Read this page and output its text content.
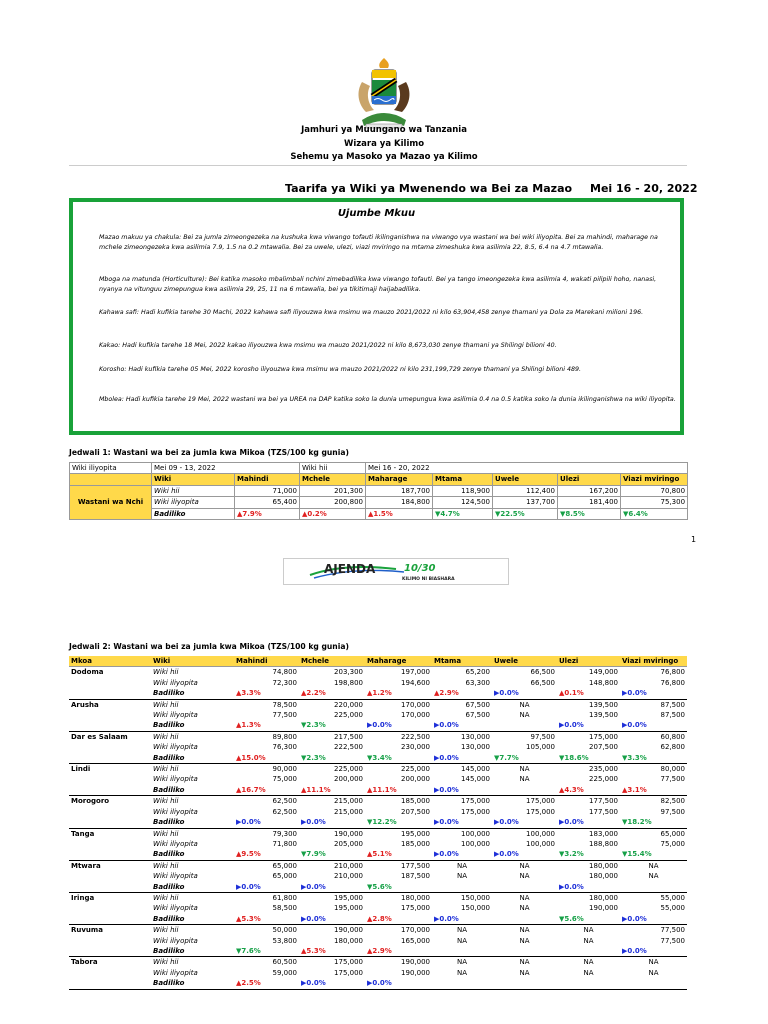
Jamhuri ya Muungano wa Tanzania
Wizara ya Kilimo
Sehemu ya Masoko ya Mazao ya Kilimo
Taarifa ya Wiki ya Mwenendo wa Bei za Mazao Mei 16 - 20, 2022
Ujumbe Mkuu
Mazao makuu ya chakula: Bei za jumla zimeongezeka na kushuka kwa viwango tofauti ikilinganishwa na viwango vya wastani wa bei wiki iliyopita. Bei za mahindi, maharage na mchele zimeongezeka kwa asilimia 7.9, 1.5 na 0.2 mtawalia. Bei za uwele, ulezi, viazi mviringo na mtama zimeshuka kwa asilimia 22, 8.5, 6.4 na 4.7 mtawalia.
Mboga na matunda (Horticulture): Bei katika masoko mbalimbali nchini zimebadilika kwa viwango tofauti. Bei ya tango imeongezeka kwa asilimia 4, wakati pilipili hoho, nanasi, nyanya na vitunguu zimepungua kwa asilimia 29, 25, 11 na 6 mtawalia, bei ya tikitimaji haijabadilika.
Kahawa safi: Hadi kufikia tarehe 30 Machi, 2022 kahawa safi iliyouzwa kwa msimu wa mauzo 2021/2022 ni kilo 63,904,458 zenye thamani ya Dola za Marekani milioni 196.
Kakao: Hadi kufikia tarehe 18 Mei, 2022 kakao iliyouzwa kwa msimu wa mauzo 2021/2022 ni kilo 8,673,030 zenye thamani ya Shilingi bilioni 40.
Korosho: Hadi kufikia tarehe 05 Mei, 2022 korosho iliyouzwa kwa msimu wa mauzo 2021/2022 ni kilo 231,199,729 zenye thamani ya Shilingi bilioni 489.
Mbolea: Hadi kufikia tarehe 19 Mei, 2022 wastani wa bei ya UREA na DAP katika soko la dunia umepungua kwa asilimia 0.4 na 0.5 katika soko la dunia ikilinganishwa na wiki iliyopita.
Jedwali 1: Wastani wa bei za jumla kwa Mikoa (TZS/100 kg gunia)
Wiki iliyopita	Mei 09 - 13, 2022		Wiki hii	Mei 16 - 20, 2022				
	Wiki	Mahindi	Mchele	Maharage	Mtama	Uwele	Ulezi	Viazi mviringo
Wastani wa Nchi	Wiki hii	71,000	201,300	187,700	118,900	112,400	167,200	70,800
	Wiki iliyopita	65,400	200,800	184,800	124,500	137,700	181,400	75,300
	Badiliko	▲7.9%	▲0.2%	▲1.5%	▼4.7%	▼22.5%	▼8.5%	▼6.4%
1
AJENDA	10/30
KILIMO NI BIASHARA
Jedwali 2: Wastani wa bei za jumla kwa Mikoa (TZS/100 kg gunia)
Mkoa	Wiki	Mahindi	Mchele	Maharage	Mtama	Uwele	Ulezi	Viazi mviringo
Dodoma	Wiki hii	74,800	203,300	197,000	65,200	66,500	149,000	76,800
	Wiki iliyopita	72,300	198,800	194,600	63,300	66,500	148,800	76,800
	Badiliko	▲3.3%	▲2.2%	▲1.2%	▲2.9%	▶0.0%	▲0.1%	▶0.0%
Arusha	Wiki hii	78,500	220,000	170,000	67,500	NA	139,500	87,500
	Wiki iliyopita	77,500	225,000	170,000	67,500	NA	139,500	87,500
	Badiliko	▲1.3%	▼2.3%	▶0.0%	▶0.0%		▶0.0%	▶0.0%
Dar es Salaam	Wiki hii	89,800	217,500	222,500	130,000	97,500	175,000	60,800
	Wiki iliyopita	76,300	222,500	230,000	130,000	105,000	207,500	62,800
	Badiliko	▲15.0%	▼2.3%	▼3.4%	▶0.0%	▼7.7%	▼18.6%	▼3.3%
Lindi	Wiki hii	90,000	225,000	225,000	145,000	NA	235,000	80,000
	Wiki iliyopita	75,000	200,000	200,000	145,000	NA	225,000	77,500
	Badiliko	▲16.7%	▲11.1%	▲11.1%	▶0.0%		▲4.3%	▲3.1%
Morogoro	Wiki hii	62,500	215,000	185,000	175,000	175,000	177,500	82,500
	Wiki iliyopita	62,500	215,000	207,500	175,000	175,000	177,500	97,500
	Badiliko	▶0.0%	▶0.0%	▼12.2%	▶0.0%	▶0.0%	▶0.0%	▼18.2%
Tanga	Wiki hii	79,300	190,000	195,000	100,000	100,000	183,000	65,000
	Wiki iliyopita	71,800	205,000	185,000	100,000	100,000	188,800	75,000
	Badiliko	▲9.5%	▼7.9%	▲5.1%	▶0.0%	▶0.0%	▼3.2%	▼15.4%
Mtwara	Wiki hii	65,000	210,000	177,500	NA	NA	180,000	NA
	Wiki iliyopita	65,000	210,000	187,500	NA	NA	180,000	NA
	Badiliko	▶0.0%	▶0.0%	▼5.6%			▶0.0%	
Iringa	Wiki hii	61,800	195,000	180,000	150,000	NA	180,000	55,000
	Wiki iliyopita	58,500	195,000	175,000	150,000	NA	190,000	55,000
	Badiliko	▲5.3%	▶0.0%	▲2.8%	▶0.0%		▼5.6%	▶0.0%
Ruvuma	Wiki hii	50,000	190,000	170,000	NA	NA	NA	77,500
	Wiki iliyopita	53,800	180,000	165,000	NA	NA	NA	77,500
	Badiliko	▼7.6%	▲5.3%	▲2.9%				▶0.0%
Tabora	Wiki hii	60,500	175,000	190,000	NA	NA	NA	NA
	Wiki iliyopita	59,000	175,000	190,000	NA	NA	NA	NA
	Badiliko	▲2.5%	▶0.0%	▶0.0%				
